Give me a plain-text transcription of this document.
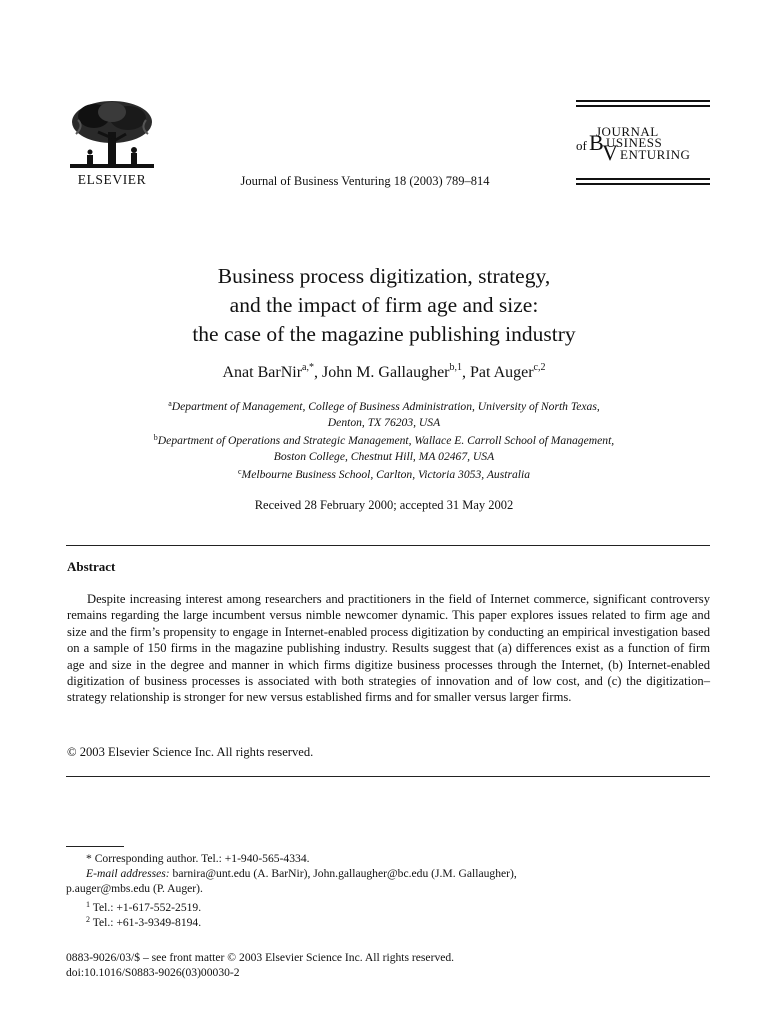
ELSEVIER	Journal of Business Venturing 18 (2003) 789–814
JOURNAL
of B USINESS
V ENTURING
Business process digitization, strategy,
and the impact of firm age and size:
the case of the magazine publishing industry
Anat BarNir$^{a,*}$, John M. Gallaugher$^{b,1}$, Pat Auger$^{c,2}$
$^a$Department of Management, College of Business Administration, University of North Texas,
Denton, TX 76203, USA
$^b$Department of Operations and Strategic Management, Wallace E. Carroll School of Management,
Boston College, Chestnut Hill, MA 02467, USA
$^c$Melbourne Business School, Carlton, Victoria 3053, Australia
Received 28 February 2000; accepted 31 May 2002
Abstract

Despite increasing interest among researchers and practitioners in the field of Internet commerce, significant controversy remains regarding the large incumbent versus nimble newcomer dynamic. This paper explores issues related to firm age and size and the firm’s propensity to engage in Internet-enabled process digitization by conducting an empirical investigation based on a sample of 150 firms in the magazine publishing industry. Results suggest that (a) differences exist as a function of firm age and size in the degree and manner in which firms digitize business processes through the Internet, (b) Internet-enabled digitization of business processes is associated with both strategies of innovation and of low cost, and (c) the digitization–strategy relationship is stronger for new versus established firms and for smaller versus larger firms.

© 2003 Elsevier Science Inc. All rights reserved.
* Corresponding author. Tel.: +1-940-565-4334.
E-mail addresses: barnira@unt.edu (A. BarNir), John.gallaugher@bc.edu (J.M. Gallaugher),
p.auger@mbs.edu (P. Auger).
$^1$ Tel.: +1-617-552-2519.
$^2$ Tel.: +61-3-9349-8194.
0883-9026/03/$ – see front matter © 2003 Elsevier Science Inc. All rights reserved.
doi:10.1016/S0883-9026(03)00030-2
